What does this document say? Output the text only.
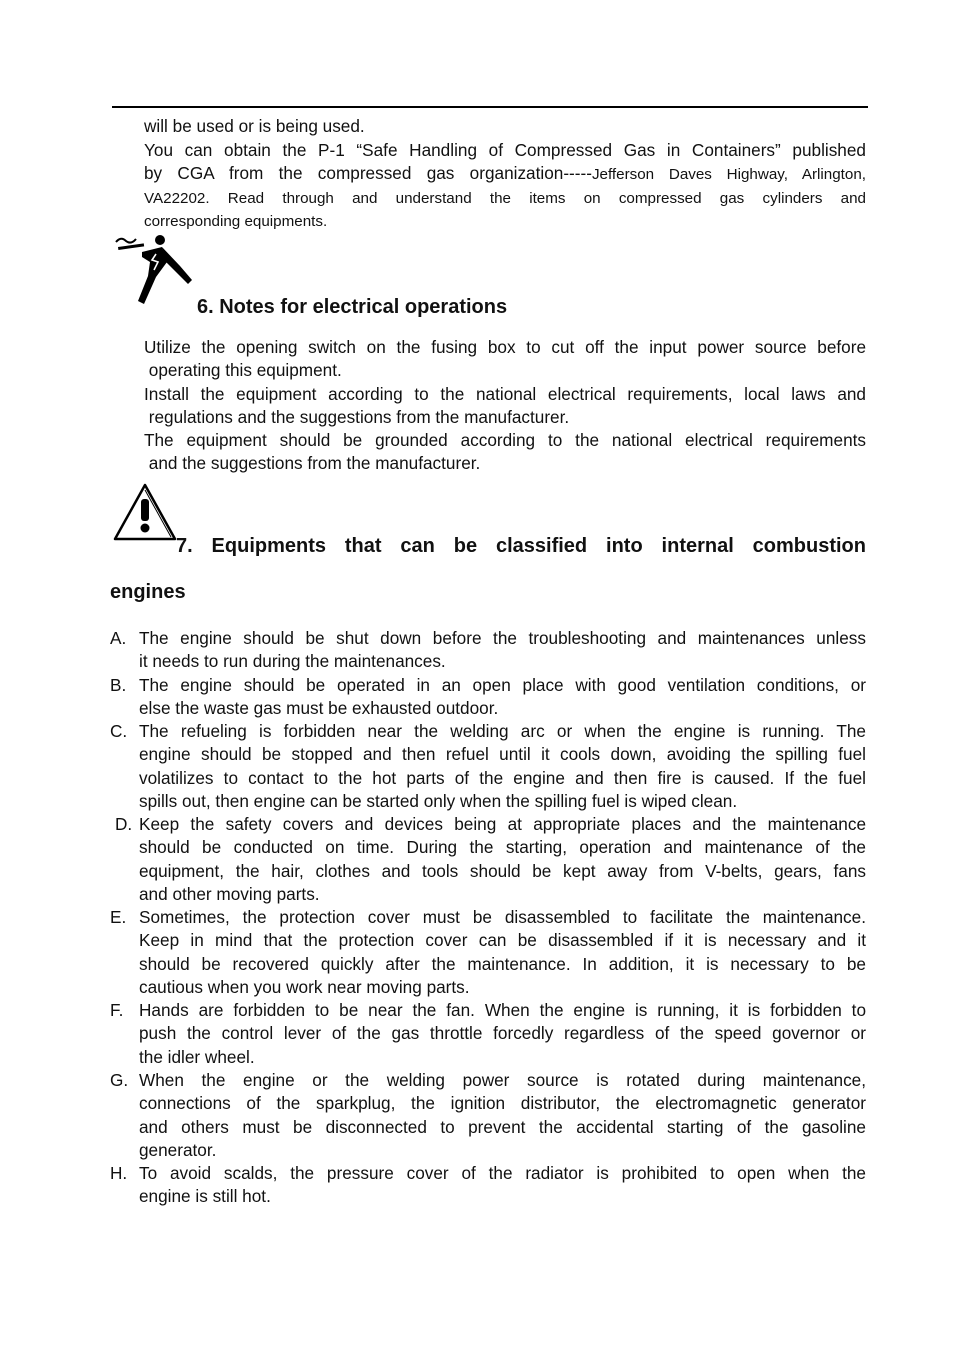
will be used or is being used.

You can obtain the P-1 “Safe Handling of Compressed Gas in Containers” published
by CGA from the compressed gas organization-----Jefferson Daves Highway, Arlington,
VA22202. Read through and understand the items on compressed gas cylinders and
corresponding equipments.
6. Notes for electrical operations
Utilize the opening switch on the fusing box to cut off the input power source before
operating this equipment.
Install the equipment according to the national electrical requirements, local laws and
regulations and the suggestions from the manufacturer.
The equipment should be grounded according to the national electrical requirements
and the suggestions from the manufacturer.
7. Equipments that can be classified into internal combustion
engines
A. The engine should be shut down before the troubleshooting and maintenances unless
it needs to run during the maintenances.
B. The engine should be operated in an open place with good ventilation conditions, or
else the waste gas must be exhausted outdoor.
C. The refueling is forbidden near the welding arc or when the engine is running. The
engine should be stopped and then refuel until it cools down, avoiding the spilling fuel
volatilizes to contact to the hot parts of the engine and then fire is caused. If the fuel
spills out, then engine can be started only when the spilling fuel is wiped clean.
D. Keep the safety covers and devices being at appropriate places and the maintenance
should be conducted on time. During the starting, operation and maintenance of the
equipment, the hair, clothes and tools should be kept away from V-belts, gears, fans
and other moving parts.
E. Sometimes, the protection cover must be disassembled to facilitate the maintenance.
Keep in mind that the protection cover can be disassembled if it is necessary and it
should be recovered quickly after the maintenance. In addition, it is necessary to be
cautious when you work near moving parts.
F. Hands are forbidden to be near the fan. When the engine is running, it is forbidden to
push the control lever of the gas throttle forcedly regardless of the speed governor or
the idler wheel.
G. When the engine or the welding power source is rotated during maintenance,
connections of the sparkplug, the ignition distributor, the electromagnetic generator
and others must be disconnected to prevent the accidental starting of the gasoline
generator.
H. To avoid scalds, the pressure cover of the radiator is prohibited to open when the
engine is still hot.
